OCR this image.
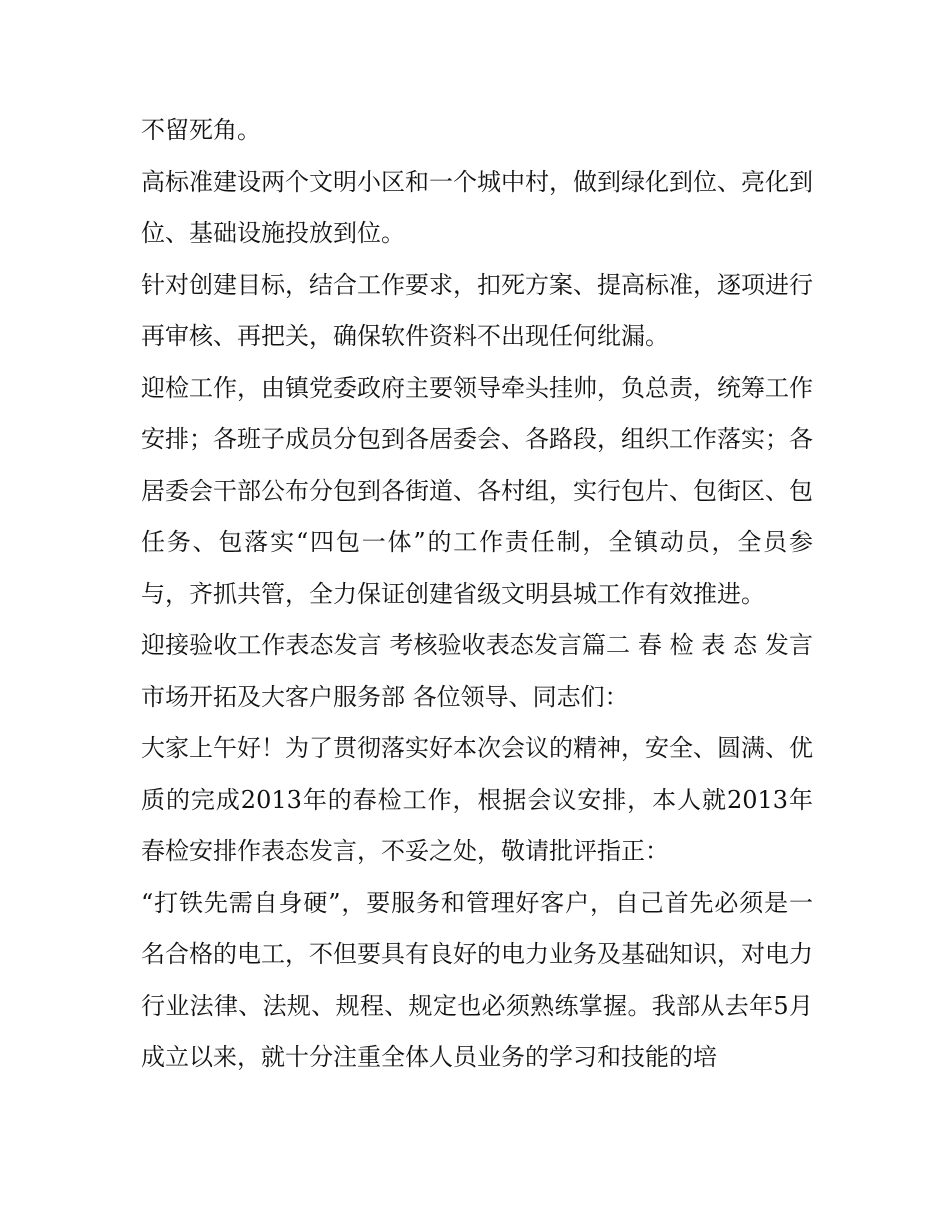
不留死角。

高标准建设两个文明小区和一个城中村，做到绿化到位、亮化到位、基础设施投放到位。

针对创建目标，结合工作要求，扣死方案、提高标准，逐项进行再审核、再把关，确保软件资料不出现任何纰漏。

迎检工作，由镇党委政府主要领导牵头挂帅，负总责，统筹工作安排；各班子成员分包到各居委会、各路段，组织工作落实；各居委会干部公布分包到各街道、各村组，实行包片、包街区、包任务、包落实“四包一体”的工作责任制，全镇动员，全员参与，齐抓共管，全力保证创建省级文明县城工作有效推进。

迎接验收工作表态发言 考核验收表态发言篇二 春 检 表 态 发言 市场开拓及大客户服务部 各位领导、同志们：

大家上午好！为了贯彻落实好本次会议的精神，安全、圆满、优质的完成2013年的春检工作，根据会议安排，本人就2013年春检安排作表态发言，不妥之处，敬请批评指正：

“打铁先需自身硬”，要服务和管理好客户，自己首先必须是一名合格的电工，不但要具有良好的电力业务及基础知识，对电力行业法律、法规、规程、规定也必须熟练掌握。我部从去年5月成立以来，就十分注重全体人员业务的学习和技能的培
